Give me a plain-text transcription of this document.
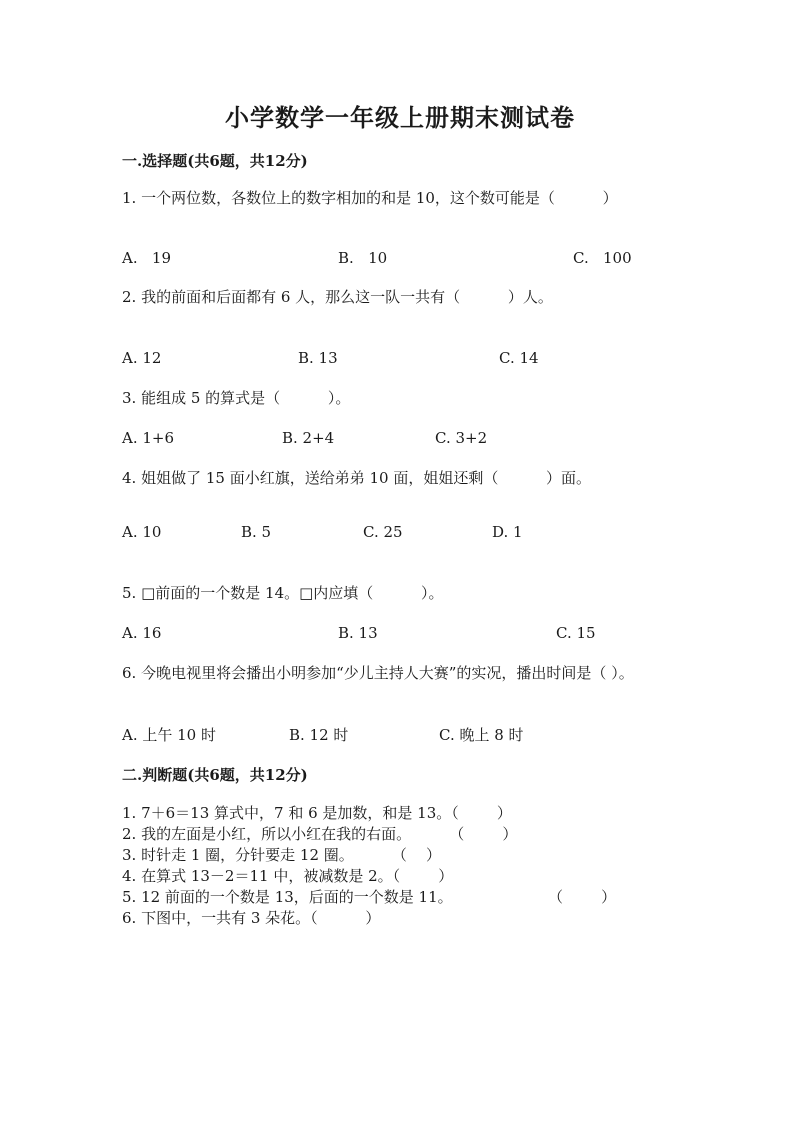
小学数学一年级上册期末测试卷
一.选择题(共6题，共12分)
1. 一个两位数，各数位上的数字相加的和是 10，这个数可能是（          ）
A.   19	B.   10	C.   100
2. 我的前面和后面都有 6 人，那么这一队一共有（          ）人。
A. 12	B. 13	C. 14
3. 能组成 5 的算式是（          ）。
A. 1+6	B. 2+4	C. 3+2
4. 姐姐做了 15 面小红旗，送给弟弟 10 面，姐姐还剩（          ）面。
A. 10	B. 5	C. 25	D. 1
5. □前面的一个数是 14。□内应填（          ）。
A. 16	B. 13	C. 15
6. 今晚电视里将会播出小明参加“少儿主持人大赛”的实况，播出时间是（ ）。
A. 上午 10 时	B. 12 时	C. 晚上 8 时
二.判断题(共6题，共12分)
1. 7＋6＝13 算式中，7 和 6 是加数，和是 13。（        ）
2. 我的左面是小红，所以小红在我的右面。        （        ）
3. 时针走 1 圈，分针要走 12 圈。        （    ）
4. 在算式 13－2＝11 中，被减数是 2。（        ）
5. 12 前面的一个数是 13，后面的一个数是 11。                    （        ）
6. 下图中，一共有 3 朵花。（          ）
